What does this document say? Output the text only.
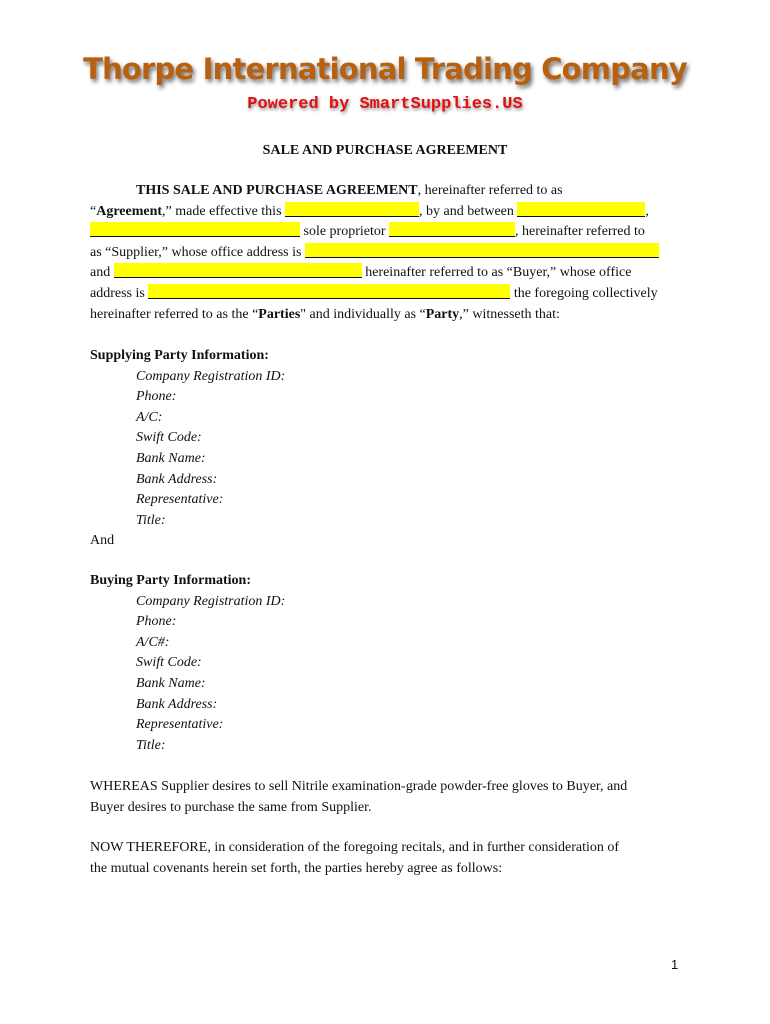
Thorpe International Trading Company
Powered by SmartSupplies.US
SALE AND PURCHASE AGREEMENT
THIS SALE AND PURCHASE AGREEMENT, hereinafter referred to as
“Agreement,” made effective this	, by and between	,
sole proprietor	, hereinafter referred to
as “Supplier,” whose office address is
and	hereinafter referred to as “Buyer,” whose office
address is	the foregoing collectively
hereinafter referred to as the “Parties" and individually as “Party,” witnesseth that:
Supplying Party Information:
Company Registration ID:
Phone:
A/C:
Swift Code:
Bank Name:
Bank Address:
Representative:
Title:
And
Buying Party Information:
Company Registration ID:
Phone:
A/C#:
Swift Code:
Bank Name:
Bank Address:
Representative:
Title:
WHEREAS Supplier desires to sell Nitrile examination-grade powder-free gloves to Buyer, and
Buyer desires to purchase the same from Supplier.
NOW THEREFORE, in consideration of the foregoing recitals, and in further consideration of
the mutual covenants herein set forth, the parties hereby agree as follows:
1
